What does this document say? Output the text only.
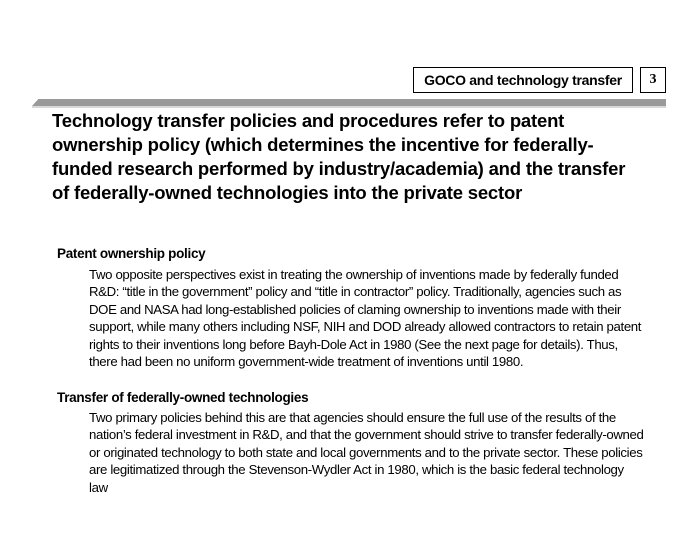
GOCO and technology transfer 3
Technology transfer policies and procedures refer to patent ownership policy (which determines the incentive for federally-funded research performed by industry/academia) and the transfer of federally-owned technologies into the private sector
Patent ownership policy

Two opposite perspectives exist in treating the ownership of inventions made by federally funded R&D: “title in the government” policy and “title in contractor” policy. Traditionally, agencies such as DOE and NASA had long-established policies of claming ownership to inventions made with their support, while many others including NSF, NIH and DOD already allowed contractors to retain patent rights to their inventions long before Bayh-Dole Act in 1980 (See the next page for details). Thus, there had been no uniform government-wide treatment of inventions until 1980.

Transfer of federally-owned technologies

Two primary policies behind this are that agencies should ensure the full use of the results of the nation’s federal investment in R&D, and that the government should strive to transfer federally-owned or originated technology to both state and local governments and to the private sector. These policies are legitimatized through the Stevenson-Wydler Act in 1980, which is the basic federal technology law
